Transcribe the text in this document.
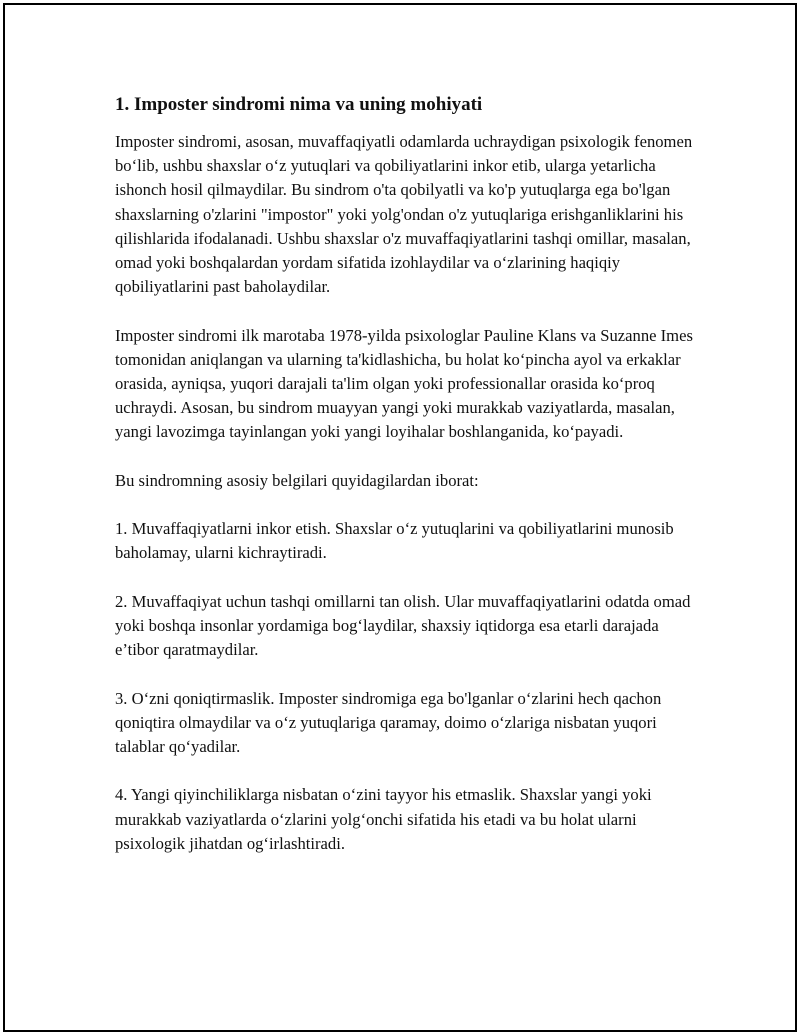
1. Imposter sindromi nima va uning mohiyati

Imposter sindromi, asosan, muvaffaqiyatli odamlarda uchraydigan psixologik fenomen bo‘lib, ushbu shaxslar o‘z yutuqlari va qobiliyatlarini inkor etib, ularga yetarlicha ishonch hosil qilmaydilar. Bu sindrom o'ta qobilyatli va ko'p yutuqlarga ega bo'lgan shaxslarning o'zlarini "impostor" yoki yolg'ondan o'z yutuqlariga erishganliklarini his qilishlarida ifodalanadi. Ushbu shaxslar o'z muvaffaqiyatlarini tashqi omillar, masalan, omad yoki boshqalardan yordam sifatida izohlaydilar va o‘zlarining haqiqiy qobiliyatlarini past baholaydilar.

Imposter sindromi ilk marotaba 1978-yilda psixologlar Pauline Klans va Suzanne Imes tomonidan aniqlangan va ularning ta'kidlashicha, bu holat ko‘pincha ayol va erkaklar orasida, ayniqsa, yuqori darajali ta'lim olgan yoki professionallar orasida ko‘proq uchraydi. Asosan, bu sindrom muayyan yangi yoki murakkab vaziyatlarda, masalan, yangi lavozimga tayinlangan yoki yangi loyihalar boshlanganida, ko‘payadi.

Bu sindromning asosiy belgilari quyidagilardan iborat:

1. Muvaffaqiyatlarni inkor etish. Shaxslar o‘z yutuqlarini va qobiliyatlarini munosib baholamay, ularni kichraytiradi.

2. Muvaffaqiyat uchun tashqi omillarni tan olish. Ular muvaffaqiyatlarini odatda omad yoki boshqa insonlar yordamiga bog‘laydilar, shaxsiy iqtidorga esa etarli darajada e’tibor qaratmaydilar.

3. O‘zni qoniqtirmaslik. Imposter sindromiga ega bo'lganlar o‘zlarini hech qachon qoniqtira olmaydilar va o‘z yutuqlariga qaramay, doimo o‘zlariga nisbatan yuqori talablar qo‘yadilar.

4. Yangi qiyinchiliklarga nisbatan o‘zini tayyor his etmaslik. Shaxslar yangi yoki murakkab vaziyatlarda o‘zlarini yolg‘onchi sifatida his etadi va bu holat ularni psixologik jihatdan og‘irlashtiradi.
